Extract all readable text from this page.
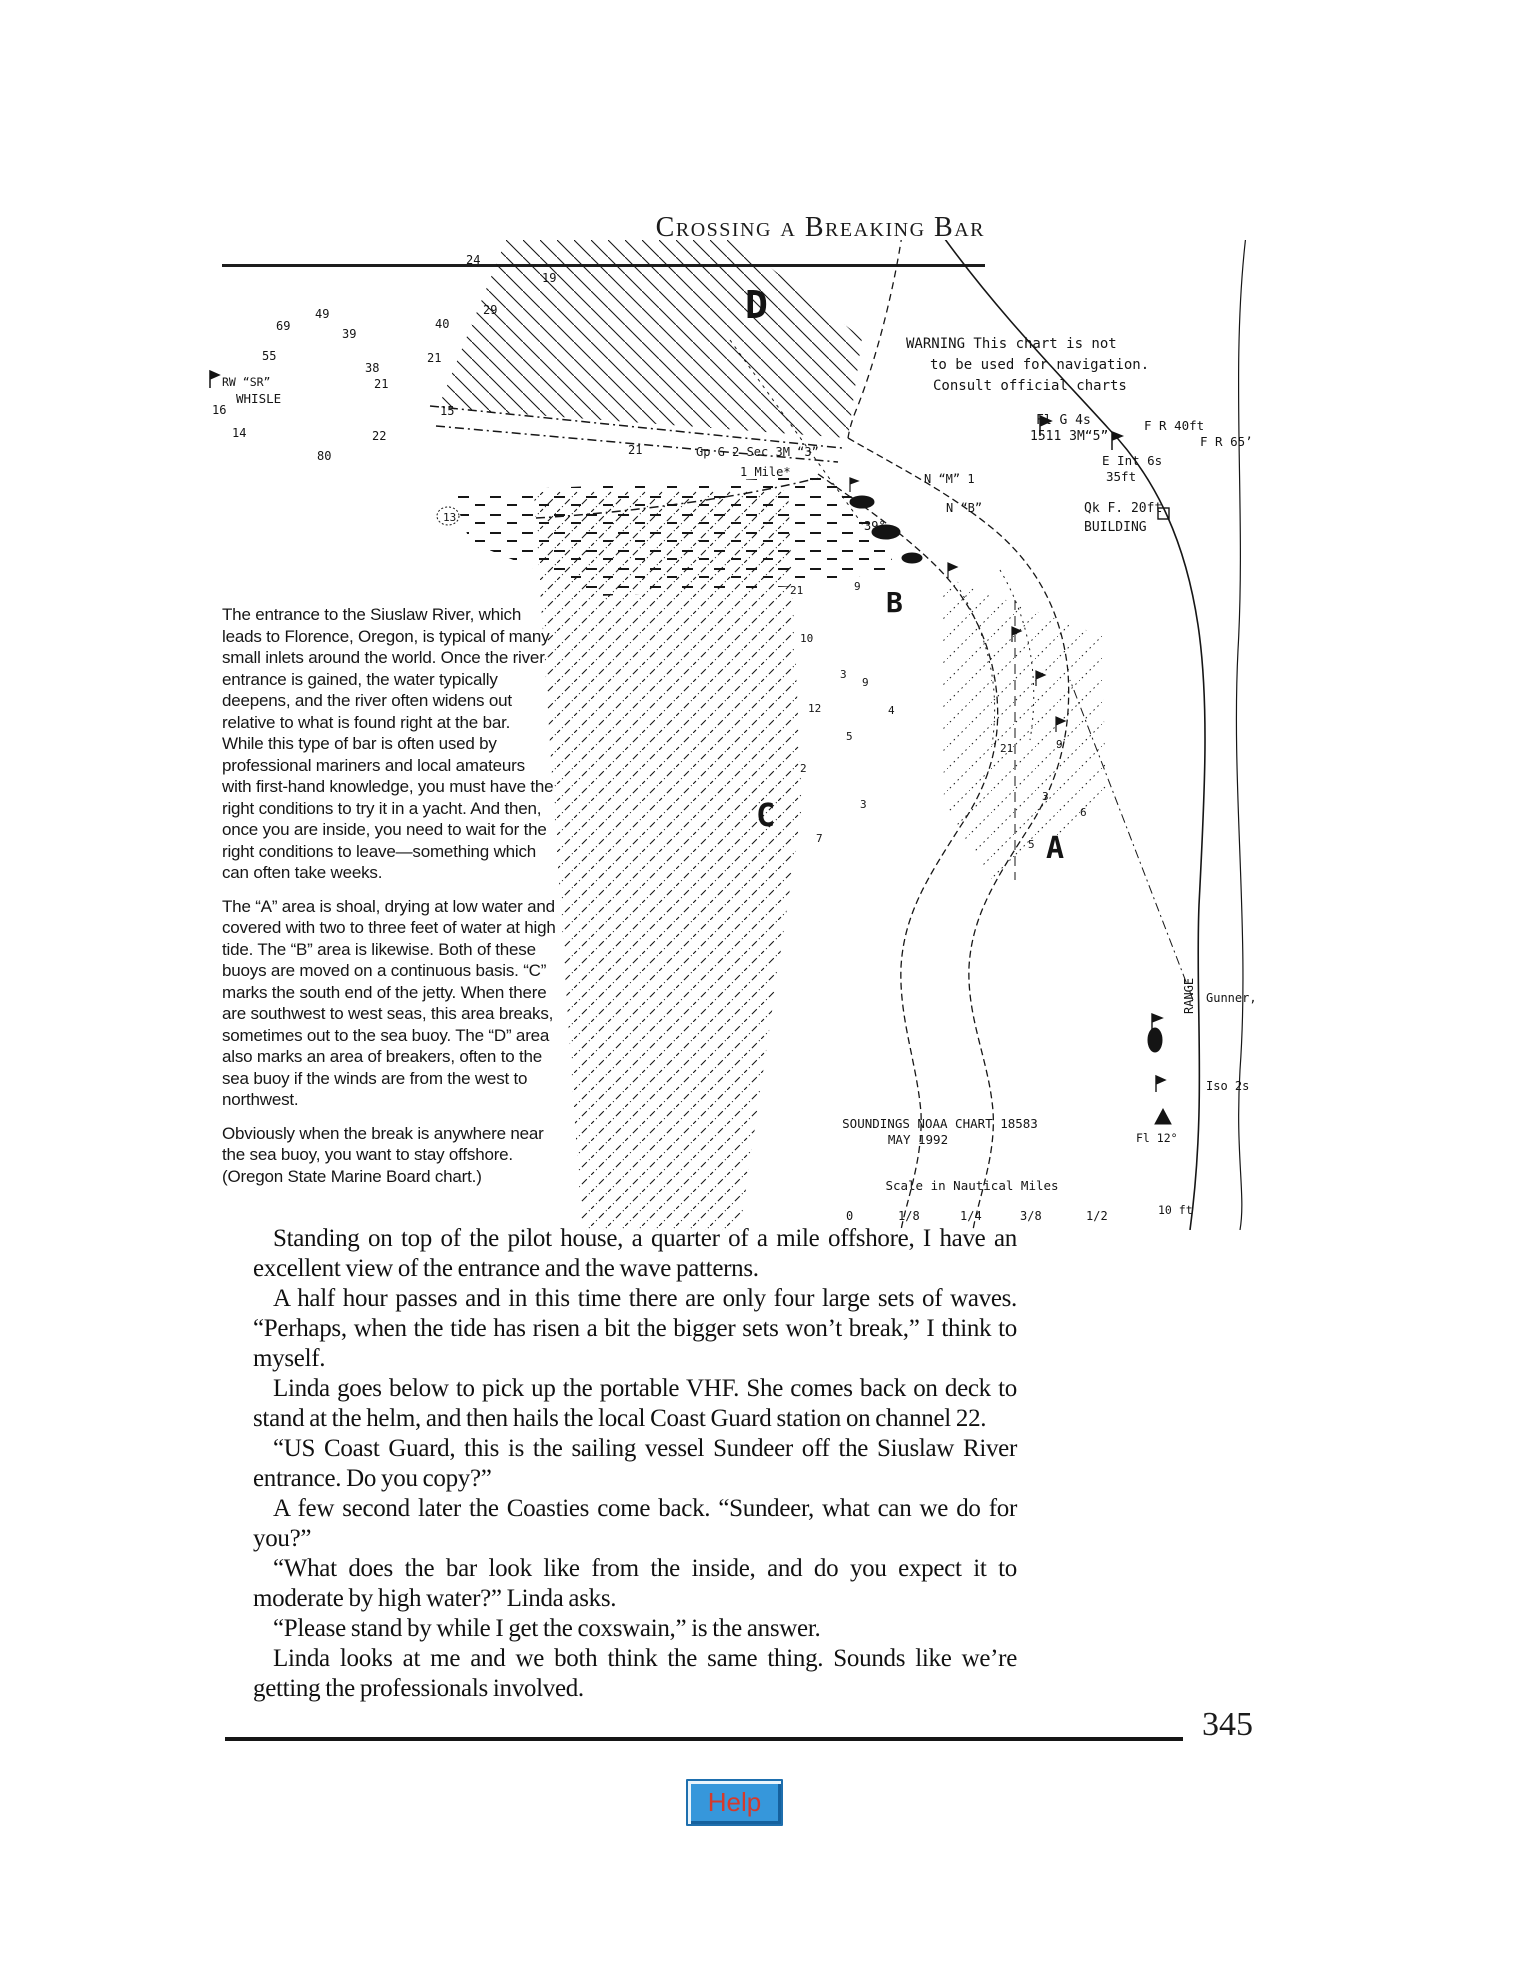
Crossing a Breaking Bar
D
B
C
A
WARNING This chart is not
to be used for navigation.
Consult official charts
RW “SR”
WHISLE
24
19
49
69
39
40
29
55
38
21
21
16
14	22
80
15
21
13
9
21
10
3
9
12
5
2
7
3
4
9
21
3
5
6
Fl G 4s
1511 3M“5”
F R 40ft
F R 65’
E Int 6s
35ft
N “M” 1
N “B”	Qk F. 20ft
BUILDING
Gp G 2 Sec 3M “3”
1 Mile*
39°
RANGE Gunner,
Iso 2s
Fl 12°
10 ft
SOUNDINGS NOAA CHART 18583
MAY 1992
Scale in Nautical Miles
0	1/8	1/4	3/8	1/2

The entrance to the Siuslaw River, which leads to Florence, Oregon, is typical of many small inlets around the world. Once the river entrance is gained, the water typically deepens, and the river often widens out relative to what is found right at the bar. While this type of bar is often used by professional mariners and local amateurs with first-hand knowledge, you must have the right conditions to try it in a yacht. And then, once you are inside, you need to wait for the right conditions to leave—something which can often take weeks.

The “A” area is shoal, drying at low water and covered with two to three feet of water at high tide. The “B” area is likewise. Both of these buoys are moved on a continuous basis. “C” marks the south end of the jetty. When there are southwest to west seas, this area breaks, sometimes out to the sea buoy. The “D” area also marks an area of breakers, often to the sea buoy if the winds are from the west to northwest.

Obviously when the break is anywhere near the sea buoy, you want to stay offshore. (Oregon State Marine Board chart.)

Standing on top of the pilot house, a quarter of a mile offshore, I have an excellent view of the entrance and the wave patterns.

A half hour passes and in this time there are only four large sets of waves. “Perhaps, when the tide has risen a bit the bigger sets won’t break,” I think to myself.

Linda goes below to pick up the portable VHF. She comes back on deck to stand at the helm, and then hails the local Coast Guard station on channel 22.

“US Coast Guard, this is the sailing vessel Sundeer off the Siuslaw River entrance. Do you copy?”

A few second later the Coasties come back. “Sundeer, what can we do for you?”

“What does the bar look like from the inside, and do you expect it to moderate by high water?” Linda asks.

“Please stand by while I get the coxswain,” is the answer.

Linda looks at me and we both think the same thing. Sounds like we’re getting the professionals involved.

345
Help
